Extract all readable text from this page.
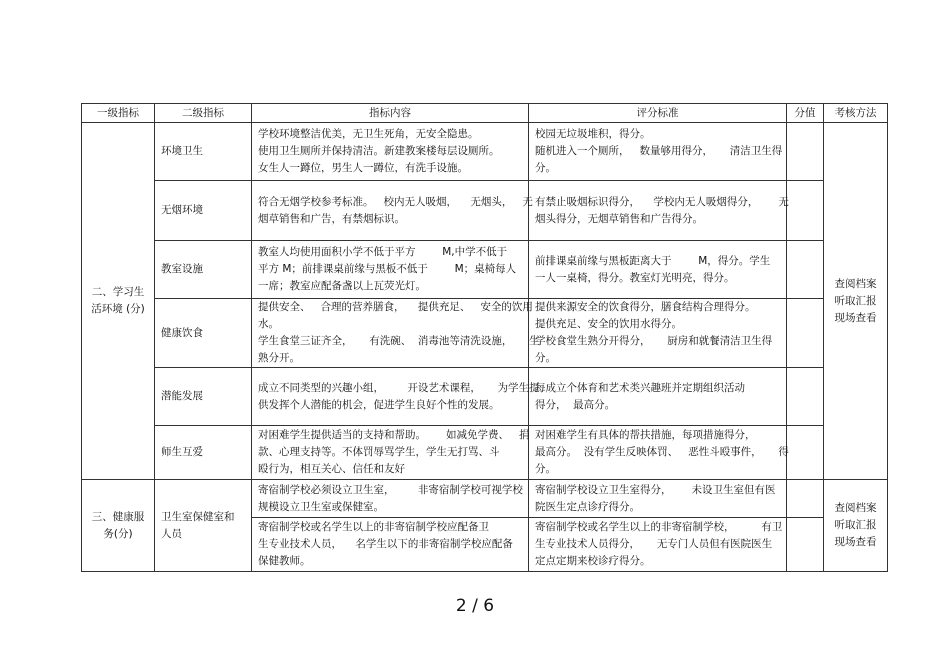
一级指标	二级指标	指标内容	评分标准	分值	考核方法

二、学习生
活环境 (分)	环境卫生	学校环境整洁优美，无卫生死角，无安全隐患。
使用卫生厕所并保持清洁。新建教案楼每层设厕所。
女生人一蹲位，男生人一蹲位，有洗手设施。	校园无垃圾堆积，得分。
随机进入一个厕所，   数量够用得分，     清洁卫生得
分。		查阅档案
听取汇报
现场查看

	无烟环境	符合无烟学校参考标准。   校内无人吸烟，    无烟头，   无
烟草销售和广告，有禁烟标识。	有禁止吸烟标识得分，    学校内无人吸烟得分，      无
烟头得分，无烟草销售和广告得分。		

	教室设施	教室人均使用面积小学不低于平方        M,中学不低于
平方 M；前排课桌前缘与黑板不低于        M；桌椅每人
一席；教室应配备盏以上瓦荧光灯。	前排课桌前缘与黑板距离大于        M，得分。学生
一人一桌椅，得分。教室灯光明亮，得分。		

	健康饮食	提供安全、   合理的营养膳食，    提供充足、   安全的饮用
水。
学生食堂三证齐全，     有洗碗、  消毒池等清洗设施，     生
熟分开。	提供来源安全的饮食得分，膳食结构合理得分。
提供充足、安全的饮用水得分。
学校食堂生熟分开得分，     厨房和就餐清洁卫生得
分。		

	潜能发展	成立不同类型的兴趣小组，       开设艺术课程，     为学生提
供发挥个人潜能的机会，促进学生良好个性的发展。	每成立个体育和艺术类兴趣班并定期组织活动
得分，  最高分。		

	师生互爱	对困难学生提供适当的支持和帮助。      如减免学费、   捐
款、心理支持等。不体罚辱骂学生，学生无打骂、斗
殴行为，相互关心、信任和友好	对困难学生有具体的帮扶措施，每项措施得分，
最高分。  没有学生反映体罚、   恶性斗殴事件，     得
分。		

三、健康服
务(分)	卫生室保健室和
人员	寄宿制学校必须设立卫生室，       非寄宿制学校可视学校
规模设立卫生室或保健室。	寄宿制学校设立卫生室得分，      未设卫生室但有医
院医生定点诊疗得分。		查阅档案
听取汇报
现场查看

		寄宿制学校或名学生以上的非寄宿制学校应配备卫
生专业技术人员，    名学生以下的非寄宿制学校应配备
保健教师。	寄宿制学校或名学生以上的非寄宿制学校，        有卫
生专业技术人员得分，     无专门人员但有医院医生
定点定期来校诊疗得分。		

2 / 6
